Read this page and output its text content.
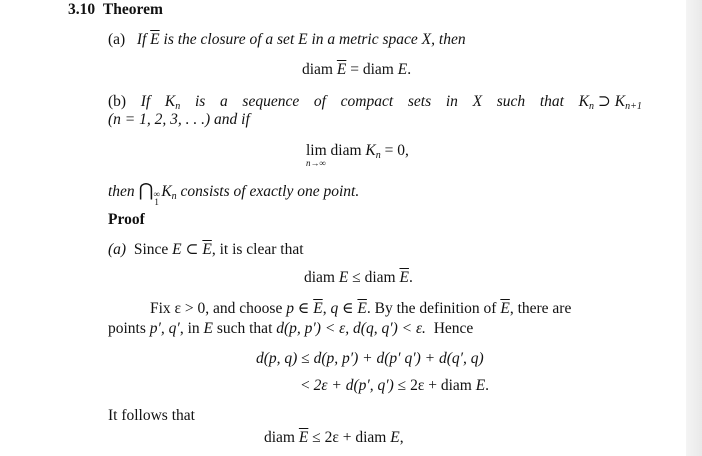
3.10 Theorem
(a) If $\overline{E}$ is the closure of a set E in a metric space X, then
diam $\overline{E}$ = diam E.
(b) If $K_n$ is a sequence of compact sets in X such that $K_n$ ⊃ $K_{n+1}$
(n = 1, 2, 3, . . .) and if
lim
n→∞
diam $K_n = 0$,
then ⋂ ∞
1
$K_n$ consists of exactly one point.
Proof
(a) Since E ⊂ $\overline{E}$, it is clear that
diam E ≤ diam $\overline{E}$.
Fix ε > 0, and choose p ∈ $\overline{E}$, q ∈ $\overline{E}$. By the definition of $\overline{E}$, there are
points p′, q′, in E such that d(p, p′) < ε, d(q, q′) < ε. Hence
d(p, q) ≤ d(p, p′) + d(p′ q′) + d(q′, q)
< 2ε + d(p′, q′) ≤ 2ε + diam E.
It follows that
diam $\overline{E} \le 2\varepsilon$ + diam E,
